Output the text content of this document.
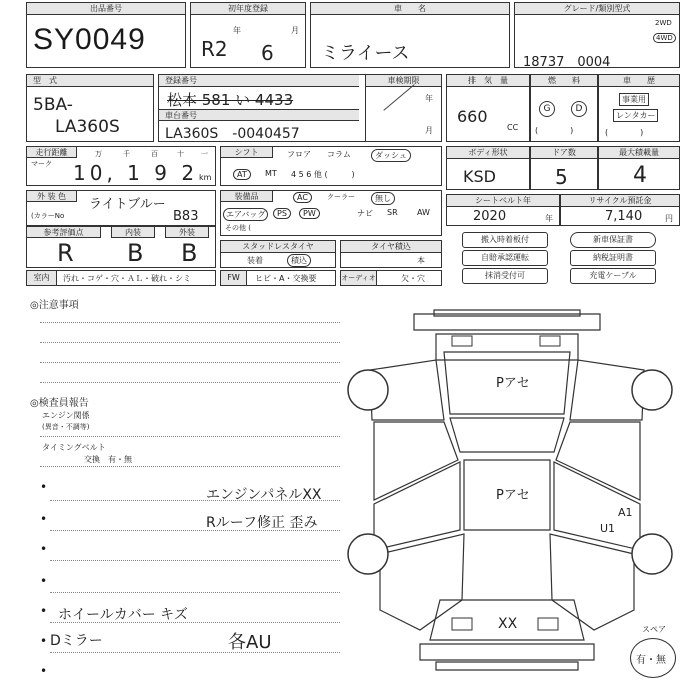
出品番号
SY0049
初年度登録
年	月
R2 6
車　　名
ミライース
グレード/類別型式
2WD
4WD
18737　0004
型　式
5BA-
LA360S
登録番号
松本 581 い 4433
車台番号
LA360S　-0040457
車検期限
年
月
排　気　量
660
CC
燃　　料
G	D
(　　　　)
車　　歴
事業用
レンタカー
(　　　　)
走行距離
マーク
万	千	百	十 一
10, 1 9 2 km
シフト	フロア コラム	ダッシュ
AT	MT 4 5 6 他 (　　　)
ボディ形状
KSD
ドア数
5
最大積載量
4
外 装 色
(カラーNo
ライトブルー
B83
装備品	AC	クーラー	無し
エアバッグ	PS	PW	ナビ SR AW
その他 (
シートベルト年
2020	年
リサイクル預託金
7,140	円
参考評価点	内装	外装
R B B	スタッドレスタイヤ
装着	積込
タイヤ積込
本
搬入時着板付
自賠承認運転
抹消受付可
新車保証書
納税証明書
充電ケーブル
室内	汚れ・コゲ・穴・ＡＬ・破れ・シミ	FW	ヒビ・A・交換要	オーディオ	欠・穴
◎注意事項
◎検査員報告
エンジン関係
(異音・不調等)
タイミングベルト
交換　有・無
•
•
•
•
•
•
•
エンジンパネルXX
Rルーフ修正 歪み
ホイールカバー キズ
Dミラー	各AU
Pアセ
Pアセ
XX
A1
U1
スペア
有・無
